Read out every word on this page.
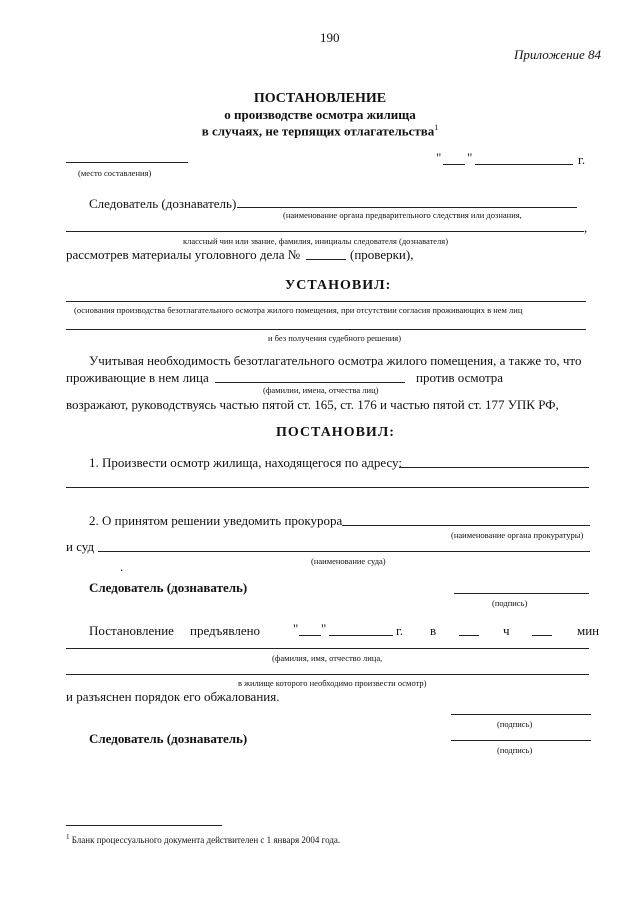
190
Приложение 84
ПОСТАНОВЛЕНИЕ
о производстве осмотра жилища
в случаях, не терпящих отлагательства$^1$
(место составления)
" "	г.
Следователь (дознаватель)
(наименование органа предварительного следствия или дознания,
,
классный чин или звание, фамилия, инициалы следователя (дознавателя)
рассмотрев материалы уголовного дела №	(проверки),
УСТАНОВИЛ:
(основания производства безотлагательного осмотра жилого помещения, при отсутствии согласия проживающих в нем лиц
и без получения судебного решения)
Учитывая необходимость безотлагательного осмотра жилого помещения, а также то, что
проживающие в нем лица	против осмотра
(фамилии, имена, отчества лиц)
возражают, руководствуясь частью пятой ст. 165, ст. 176 и частью пятой ст. 177 УПК РФ,
ПОСТАНОВИЛ:
1. Произвести осмотр жилища, находящегося по адресу:
2. О принятом решении уведомить прокурора
(наименование органа прокуратуры)
и суд
(наименование суда)
.
Следователь (дознаватель)
(подпись)
Постановление предъявлено	" "	г. в	ч	мин
(фамилия, имя, отчество лица,
в жилище которого необходимо произвести осмотр)
и разъяснен порядок его обжалования.
(подпись)
Следователь (дознаватель)
(подпись)
$^1$ Бланк процессуального документа действителен с 1 января 2004 года.
